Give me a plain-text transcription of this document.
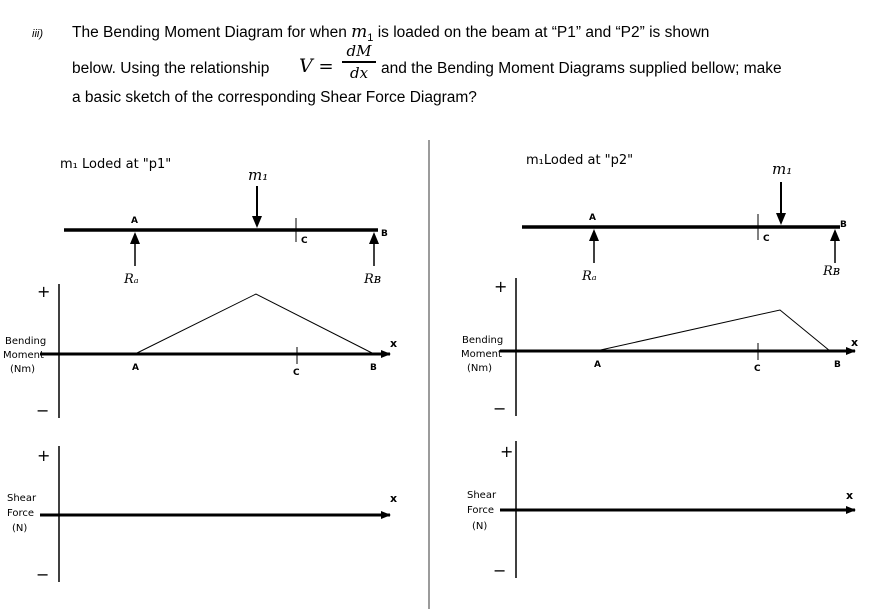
iii) The Bending Moment Diagram for when $m_1$ is loaded on the beam at “P1” and “P2” is shown
below. Using the relationship V =
dM
dx and the Bending Moment Diagrams supplied bellow; make
a basic sketch of the corresponding Shear Force Diagram?
m₁ Loded at "p1"
m₁
A
Rₐ
C
B
Rʙ
+
−
x
Bending
Moment
(Nm)	A	C	B
+
−
x
Shear
Force
(N)
m₁Loded at "p2"	m₁
A
Rₐ
C
B
Rʙ
+
−
x
Bending
Moment
(Nm)	A	C	B
+
−
x
Shear
Force
(N)
